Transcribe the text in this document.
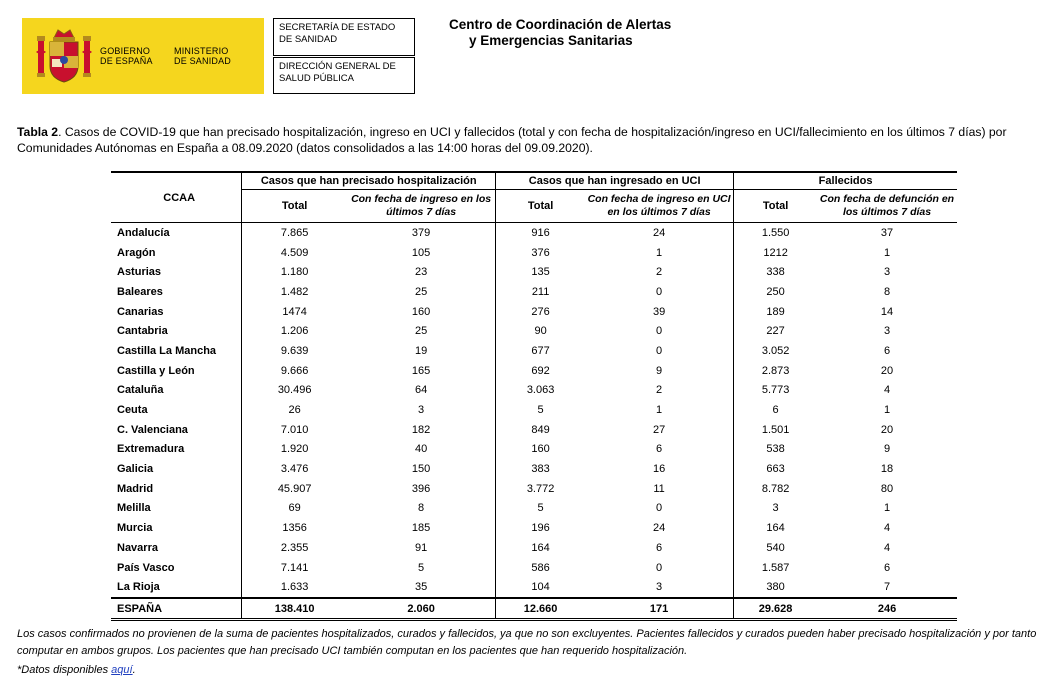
GOBIERNO
DE ESPAÑA
MINISTERIO
DE SANIDAD
SECRETARÍA DE ESTADO
DE SANIDAD
DIRECCIÓN GENERAL DE
SALUD PÚBLICA
Centro de Coordinación de Alertas
y Emergencias Sanitarias
Tabla 2. Casos de COVID-19 que han precisado hospitalización, ingreso en UCI y fallecidos (total y con fecha de hospitalización/ingreso en UCI/fallecimiento en los últimos 7 días) por Comunidades Autónomas en España a 08.09.2020 (datos consolidados a las 14:00 horas del 09.09.2020).
CCAA	Casos que han precisado hospitalización		Casos que han ingresado en UCI		Fallecidos	
	Total	Con fecha de ingreso en los últimos 7 días	Total	Con fecha de ingreso en UCI en los últimos 7 días	Total	Con fecha de defunción en los últimos 7 días
Andalucía	7.865	379	916	24	1.550	37
Aragón	4.509	105	376	1	1212	1
Asturias	1.180	23	135	2	338	3
Baleares	1.482	25	211	0	250	8
Canarias	1474	160	276	39	189	14
Cantabria	1.206	25	90	0	227	3
Castilla La Mancha	9.639	19	677	0	3.052	6
Castilla y León	9.666	165	692	9	2.873	20
Cataluña	30.496	64	3.063	2	5.773	4
Ceuta	26	3	5	1	6	1
C. Valenciana	7.010	182	849	27	1.501	20
Extremadura	1.920	40	160	6	538	9
Galicia	3.476	150	383	16	663	18
Madrid	45.907	396	3.772	11	8.782	80
Melilla	69	8	5	0	3	1
Murcia	1356	185	196	24	164	4
Navarra	2.355	91	164	6	540	4
País Vasco	7.141	5	586	0	1.587	6
La Rioja	1.633	35	104	3	380	7
ESPAÑA	138.410	2.060	12.660	171	29.628	246
Los casos confirmados no provienen de la suma de pacientes hospitalizados, curados y fallecidos, ya que no son excluyentes. Pacientes fallecidos y curados pueden haber precisado hospitalización y por tanto computar en ambos grupos. Los pacientes que han precisado UCI también computan en los pacientes que han requerido hospitalización.
*Datos disponibles aquí.
